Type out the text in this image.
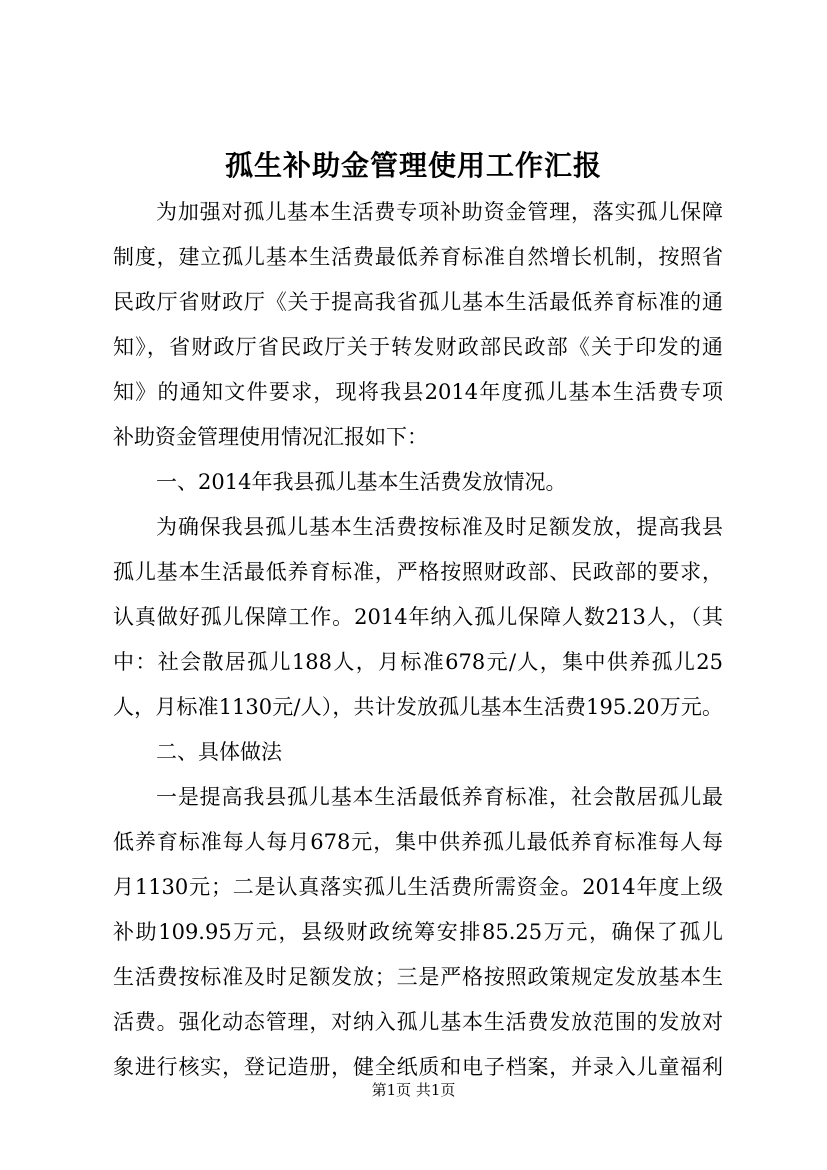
孤生补助金管理使用工作汇报
为加强对孤儿基本生活费专项补助资金管理，落实孤儿保障
制度，建立孤儿基本生活费最低养育标准自然增长机制，按照省
民政厅省财政厅《关于提高我省孤儿基本生活最低养育标准的通
知》，省财政厅省民政厅关于转发财政部民政部《关于印发的通
知》的通知文件要求，现将我县2014年度孤儿基本生活费专项
补助资金管理使用情况汇报如下：
一、2014年我县孤儿基本生活费发放情况。
为确保我县孤儿基本生活费按标准及时足额发放，提高我县
孤儿基本生活最低养育标准，严格按照财政部、民政部的要求，
认真做好孤儿保障工作。2014年纳入孤儿保障人数213人，（其
中：社会散居孤儿188人，月标准678元/人，集中供养孤儿25
人，月标准1130元/人），共计发放孤儿基本生活费195.20万元。
二、具体做法
一是提高我县孤儿基本生活最低养育标准，社会散居孤儿最
低养育标准每人每月678元，集中供养孤儿最低养育标准每人每
月1130元；二是认真落实孤儿生活费所需资金。2014年度上级
补助109.95万元，县级财政统筹安排85.25万元，确保了孤儿
生活费按标准及时足额发放；三是严格按照政策规定发放基本生
活费。强化动态管理，对纳入孤儿基本生活费发放范围的发放对
象进行核实，登记造册，健全纸质和电子档案，并录入儿童福利
第1页 共1页
